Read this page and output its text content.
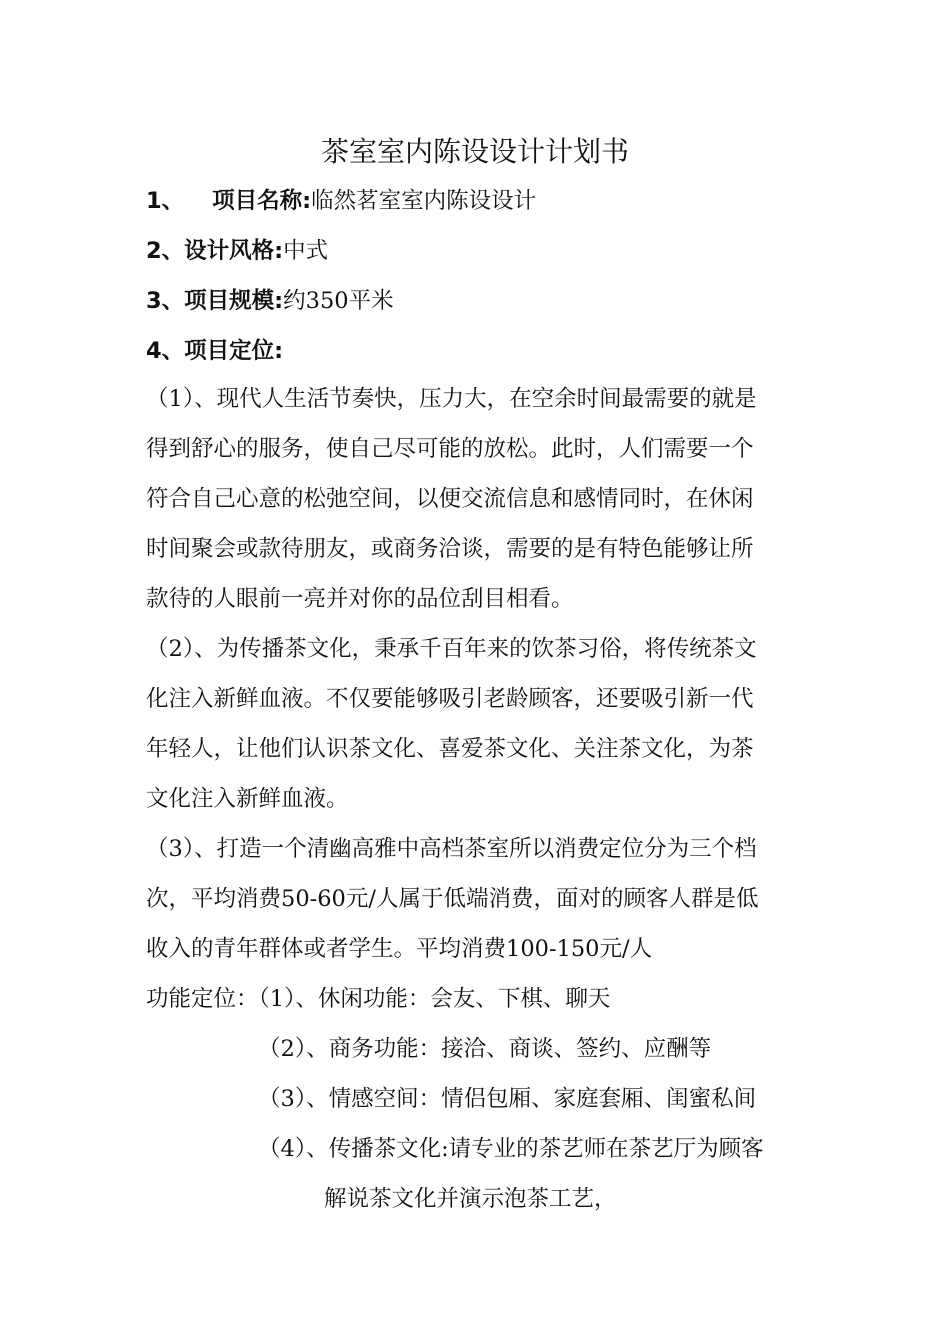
茶室室内陈设设计计划书
1、 项目名称:临然茗室室内陈设设计
2、设计风格:中式
3、项目规模:约350平米
4、项目定位:
（1）、现代人生活节奏快，压力大，在空余时间最需要的就是
得到舒心的服务，使自己尽可能的放松。此时，人们需要一个
符合自己心意的松弛空间，以便交流信息和感情同时，在休闲
时间聚会或款待朋友，或商务洽谈，需要的是有特色能够让所
款待的人眼前一亮并对你的品位刮目相看。
（2）、为传播茶文化，秉承千百年来的饮茶习俗，将传统茶文
化注入新鲜血液。不仅要能够吸引老龄顾客，还要吸引新一代
年轻人，让他们认识茶文化、喜爱茶文化、关注茶文化，为茶
文化注入新鲜血液。
（3）、打造一个清幽高雅中高档茶室所以消费定位分为三个档
次，平均消费50-60元/人属于低端消费，面对的顾客人群是低
收入的青年群体或者学生。平均消费100-150元/人
功能定位：（1）、休闲功能：会友、下棋、聊天
（2）、商务功能：接洽、商谈、签约、应酬等
（3）、情感空间：情侣包厢、家庭套厢、闺蜜私间
（4）、传播茶文化:请专业的茶艺师在茶艺厅为顾客
解说茶文化并演示泡茶工艺，
